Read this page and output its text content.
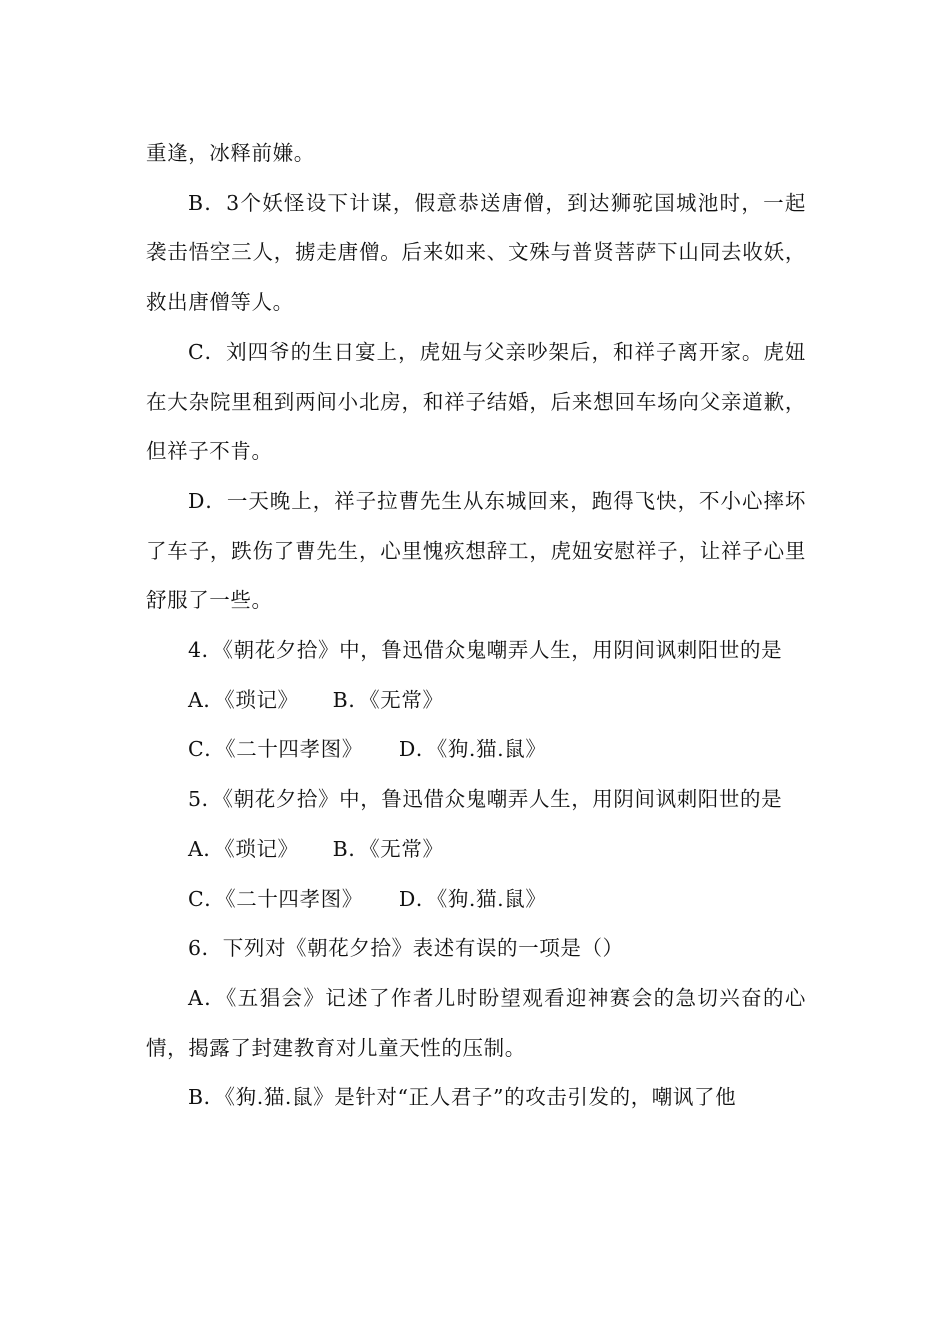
重逢，冰释前嫌。

B．3个妖怪设下计谋，假意恭送唐僧，到达狮驼国城池时，一起袭击悟空三人，掳走唐僧。后来如来、文殊与普贤菩萨下山同去收妖，救出唐僧等人。

C．刘四爷的生日宴上，虎妞与父亲吵架后，和祥子离开家。虎妞在大杂院里租到两间小北房，和祥子结婚，后来想回车场向父亲道歉，但祥子不肯。

D．一天晚上，祥子拉曹先生从东城回来，跑得飞快，不小心摔坏了车子，跌伤了曹先生，心里愧疚想辞工，虎妞安慰祥子，让祥子心里舒服了一些。

4．《朝花夕拾》中，鲁迅借众鬼嘲弄人生，用阴间讽刺阳世的是

A．《琐记》 B．《无常》

C．《二十四孝图》 D．《狗.猫.鼠》

5．《朝花夕拾》中，鲁迅借众鬼嘲弄人生，用阴间讽刺阳世的是

A．《琐记》 B．《无常》

C．《二十四孝图》 D．《狗.猫.鼠》

6．下列对《朝花夕拾》表述有误的一项是（）

A．《五猖会》记述了作者儿时盼望观看迎神赛会的急切兴奋的心情，揭露了封建教育对儿童天性的压制。

B．《狗.猫.鼠》是针对“正人君子”的攻击引发的，嘲讽了他
